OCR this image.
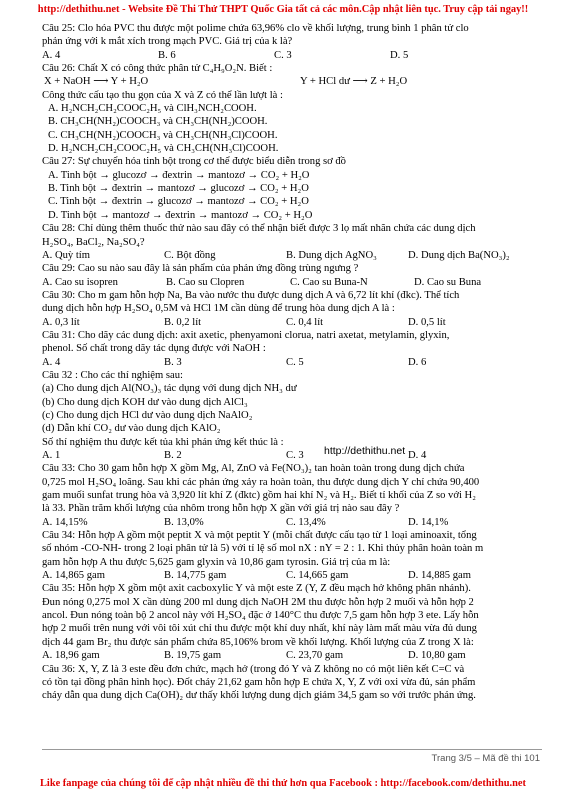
http://dethithu.net - Website Đề Thi Thử THPT Quốc Gia tất cả các môn.Cập nhật liên tục. Truy cập tải ngay!!
Câu 25: Clo hóa PVC thu được một polime chứa 63,96% clo về khối lượng, trung bình 1 phân tử clo
phản ứng với k mắt xích trong mạch PVC. Giá trị của k là?
A. 4	B. 6	C. 3	D. 5
Câu 26: Chất X có công thức phân tử C₄H₉O₂N. Biết :
X + NaOH ⟶ Y + H₂O	Y + HCl dư ⟶ Z + H₂O
Công thức cấu tạo thu gọn của X và Z có thể lần lượt là :
A. H₂NCH₂CH₂COOC₂H₅ và ClH₃NCH₂COOH.
B. CH₃CH(NH₂)COOCH₃ và CH₃CH(NH₂)COOH.
C. CH₃CH(NH₂)COOCH₃ và CH₃CH(NH₃Cl)COOH.
D. H₂NCH₂CH₂COOC₂H₅ và CH₃CH(NH₃Cl)COOH.
Câu 27: Sự chuyển hóa tinh bột trong cơ thể được biểu diễn trong sơ đồ
A. Tinh bột → glucozơ → đextrin → mantozơ → CO₂ + H₂O
B. Tinh bột → đextrin → mantozơ → glucozơ → CO₂ + H₂O
C. Tinh bột → đextrin → glucozơ → mantozơ → CO₂ + H₂O
D. Tinh bột → mantozơ → đextrin → mantozơ → CO₂ + H₂O
Câu 28: Chỉ dùng thêm thuốc thử nào sau đây có thể nhận biết được 3 lọ mất nhãn chứa các dung dịch
H₂SO₄, BaCl₂, Na₂SO₄?
A. Quỳ tím	C. Bột đồng	B. Dung dịch AgNO₃	D. Dung dịch Ba(NO₃)₂
Câu 29: Cao su nào sau đây là sản phẩm của phản ứng đồng trùng ngưng ?
A. Cao su isopren	B. Cao su Clopren	C. Cao su Buna-N	D. Cao su Buna
Câu 30: Cho m gam hỗn hợp Na, Ba vào nước thu được dung dịch A và 6,72 lít khí (đkc). Thể tích
dung dịch hỗn hợp H₂SO₄ 0,5M và HCl 1M cần dùng để trung hòa dung dịch A là :
A. 0,3 lít	B. 0,2 lít	C. 0,4 lít	D. 0,5 lít
Câu 31: Cho dãy các dung dịch: axit axetic, phenyamoni clorua, natri axetat, metylamin, glyxin,
phenol. Số chất trong dãy tác dụng được với NaOH :
A. 4	B. 3	C. 5	D. 6
Câu 32 : Cho các thí nghiệm sau:
(a) Cho dung dịch Al(NO₃)₃ tác dụng với dung dịch NH₃ dư
(b) Cho dung dịch KOH dư vào dung dịch AlCl₃
(c) Cho dung dịch HCl dư vào dung dịch NaAlO₂
(d) Dẫn khí CO₂ dư vào dung dịch KAlO₂
Số thí nghiệm thu được kết tủa khi phản ứng kết thúc là :
A. 1	B. 2	C. 3	D. 4
Câu 33: Cho 30 gam hỗn hợp X gồm Mg, Al, ZnO và Fe(NO₃)₂ tan hoàn toàn trong dung dịch chứa
0,725 mol H₂SO₄ loãng. Sau khi các phản ứng xảy ra hoàn toàn, thu được dung dịch Y chỉ chứa 90,400
gam muối sunfat trung hòa và 3,920 lít khí Z (đktc) gồm hai khí N₂ và H₂. Biết tỉ khối của Z so với H₂
là 33. Phần trăm khối lượng của nhôm trong hỗn hợp X gần với giá trị nào sau đây ?
A. 14,15%	B. 13,0%	C. 13,4%	D. 14,1%
Câu 34: Hỗn hợp A gồm một peptit X và một peptit Y (mỗi chất được cấu tạo từ 1 loại aminoaxit, tổng
số nhóm -CO-NH- trong 2 loại phân tử là 5) với tỉ lệ số mol nX : nY = 2 : 1. Khi thủy phân hoàn toàn m
gam hỗn hợp A thu được 5,625 gam glyxin và 10,86 gam tyrosin. Giá trị của m là:
A. 14,865 gam	B. 14,775 gam	C. 14,665 gam	D. 14,885 gam
Câu 35: Hỗn hợp X gồm một axit cacboxylic Y và một este Z (Y, Z đều mạch hở không phân nhánh).
Đun nóng 0,275 mol X cần dùng 200 ml dung dịch NaOH 2M thu được hỗn hợp 2 muối và hỗn hợp 2
ancol. Đun nóng toàn bộ 2 ancol này với H₂SO₄ đặc ở 140°C thu được 7,5 gam hỗn hợp 3 ete. Lấy hỗn
hợp 2 muối trên nung với vôi tôi xút chỉ thu được một khí duy nhất, khí này làm mất màu vừa đủ dung
dịch 44 gam Br₂ thu được sản phẩm chứa 85,106% brom về khối lượng. Khối lượng của Z trong X là:
A. 18,96 gam	B. 19,75 gam	C. 23,70 gam	D. 10,80 gam
Câu 36: X, Y, Z là 3 este đều đơn chức, mạch hở (trong đó Y và Z không no có một liên kết C=C và
có tồn tại đồng phân hình học). Đốt cháy 21,62 gam hỗn hợp E chứa X, Y, Z với oxi vừa đủ, sản phẩm
cháy dẫn qua dung dịch Ca(OH)₂ dư thấy khối lượng dung dịch giảm 34,5 gam so với trước phản ứng.
http://dethithu.net
Trang 3/5 – Mã đề thi 101
Like fanpage của chúng tôi để cập nhật nhiều đề thi thử hơn qua Facebook : http://facebook.com/dethithu.net
